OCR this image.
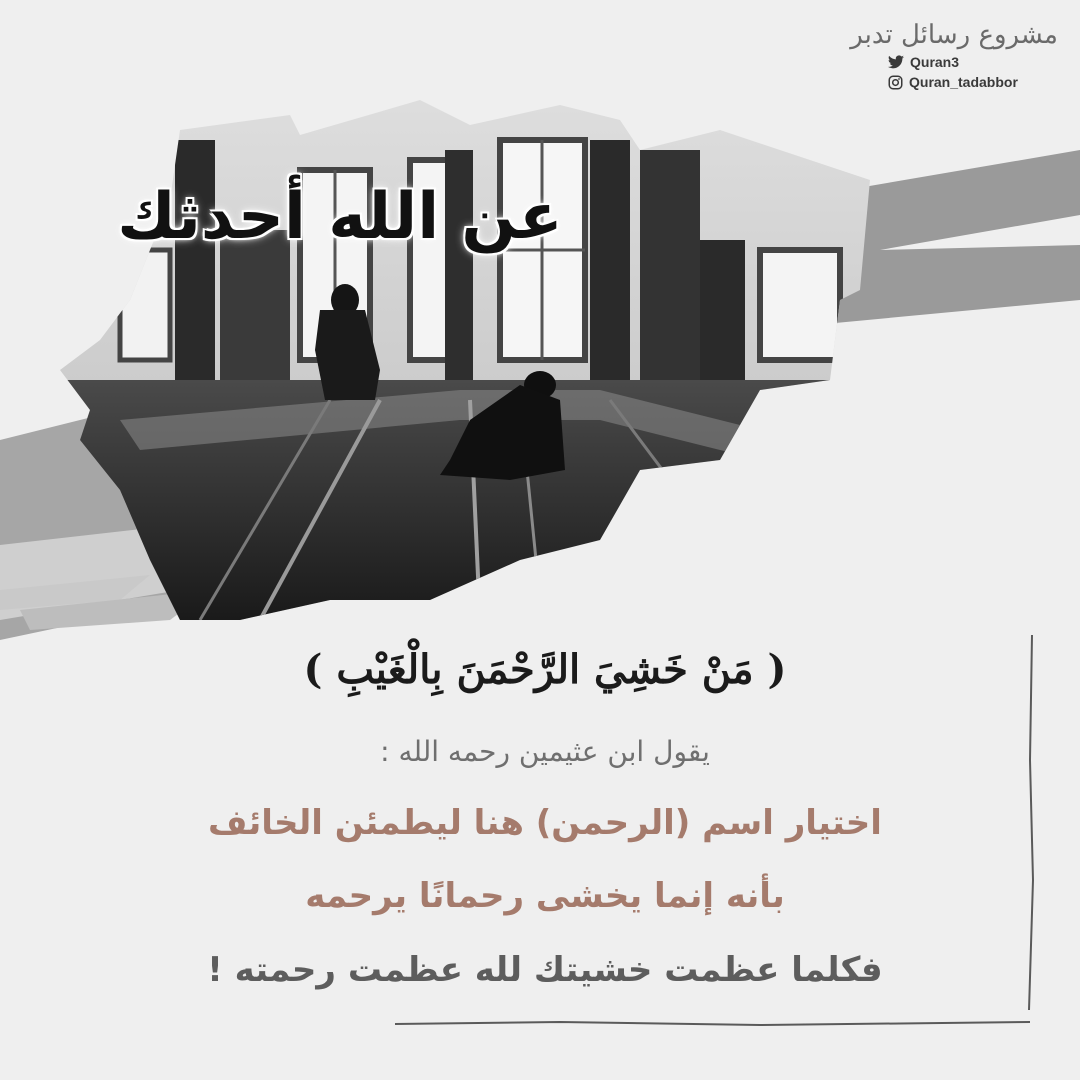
مشروع رسائل تدبر
Quran3
Quran_tadabbor
عن الله أحدثك
( مَنْ خَشِيَ الرَّحْمَنَ بِالْغَيْبِ )
يقول ابن عثيمين رحمه الله :
اختيار اسم (الرحمن) هنا ليطمئن الخائف
بأنه إنما يخشى رحمانًا يرحمه
فكلما عظمت خشيتك لله عظمت رحمته !
